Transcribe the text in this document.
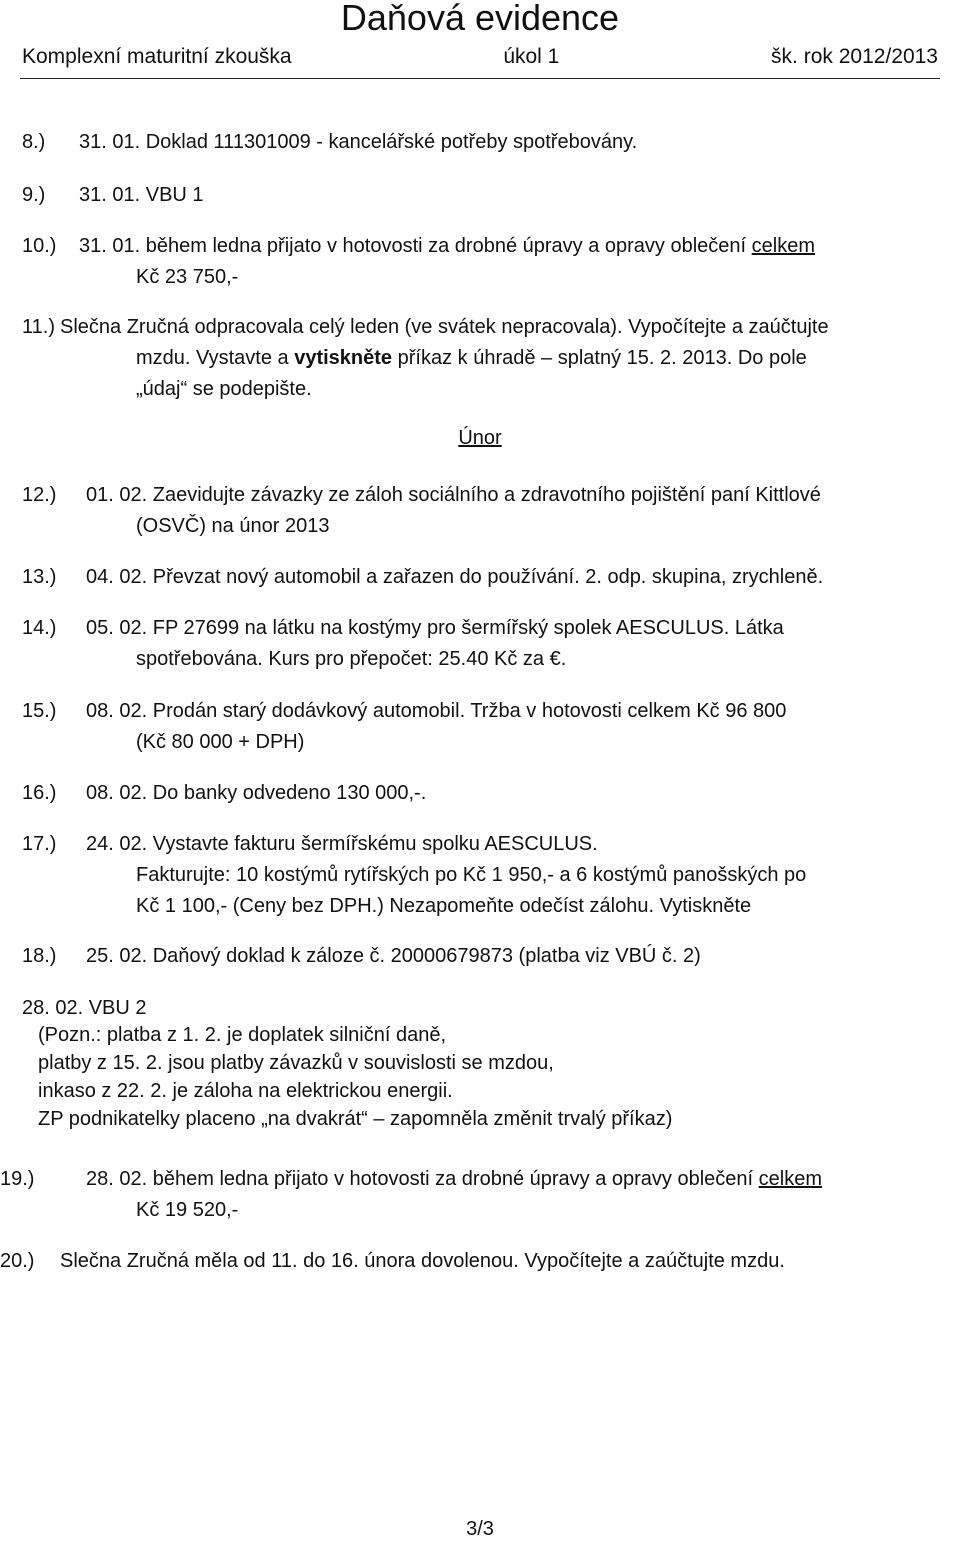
Daňová evidence
Komplexní maturitní zkouška	úkol 1	šk. rok 2012/2013
8.) 31. 01. Doklad 111301009 - kancelářské potřeby spotřebovány.
9.) 31. 01. VBU 1
10.) 31. 01. během ledna přijato v hotovosti za drobné úpravy a opravy oblečení celkem
Kč 23 750,-
11.) Slečna Zručná odpracovala celý leden (ve svátek nepracovala). Vypočítejte a zaúčtujte
mzdu. Vystavte a vytiskněte příkaz k úhradě – splatný 15. 2. 2013. Do pole
„údaj“ se podepište.
Únor
12.) 01. 02. Zaevidujte závazky ze záloh sociálního a zdravotního pojištění paní Kittlové
(OSVČ) na únor 2013
13.) 04. 02. Převzat nový automobil a zařazen do používání. 2. odp. skupina, zrychleně.
14.) 05. 02. FP 27699 na látku na kostýmy pro šermířský spolek AESCULUS. Látka
spotřebována. Kurs pro přepočet: 25.40 Kč za €.
15.) 08. 02. Prodán starý dodávkový automobil. Tržba v hotovosti celkem Kč 96 800
(Kč 80 000 + DPH)
16.) 08. 02. Do banky odvedeno 130 000,-.
17.) 24. 02. Vystavte fakturu šermířskému spolku AESCULUS.
Fakturujte: 10 kostýmů rytířských po Kč 1 950,- a 6 kostýmů panošských po
Kč 1 100,- (Ceny bez DPH.) Nezapomeňte odečíst zálohu. Vytiskněte
18.) 25. 02. Daňový doklad k záloze č. 20000679873 (platba viz VBÚ č. 2)
28. 02. VBU 2
(Pozn.: platba z 1. 2. je doplatek silniční daně,
platby z 15. 2. jsou platby závazků v souvislosti se mzdou,
inkaso z 22. 2. je záloha na elektrickou energii.
ZP podnikatelky placeno „na dvakrát“ – zapomněla změnit trvalý příkaz)
19.)	28. 02. během ledna přijato v hotovosti za drobné úpravy a opravy oblečení celkem
Kč 19 520,-
20.) Slečna Zručná měla od 11. do 16. února dovolenou. Vypočítejte a zaúčtujte mzdu.
3/3
